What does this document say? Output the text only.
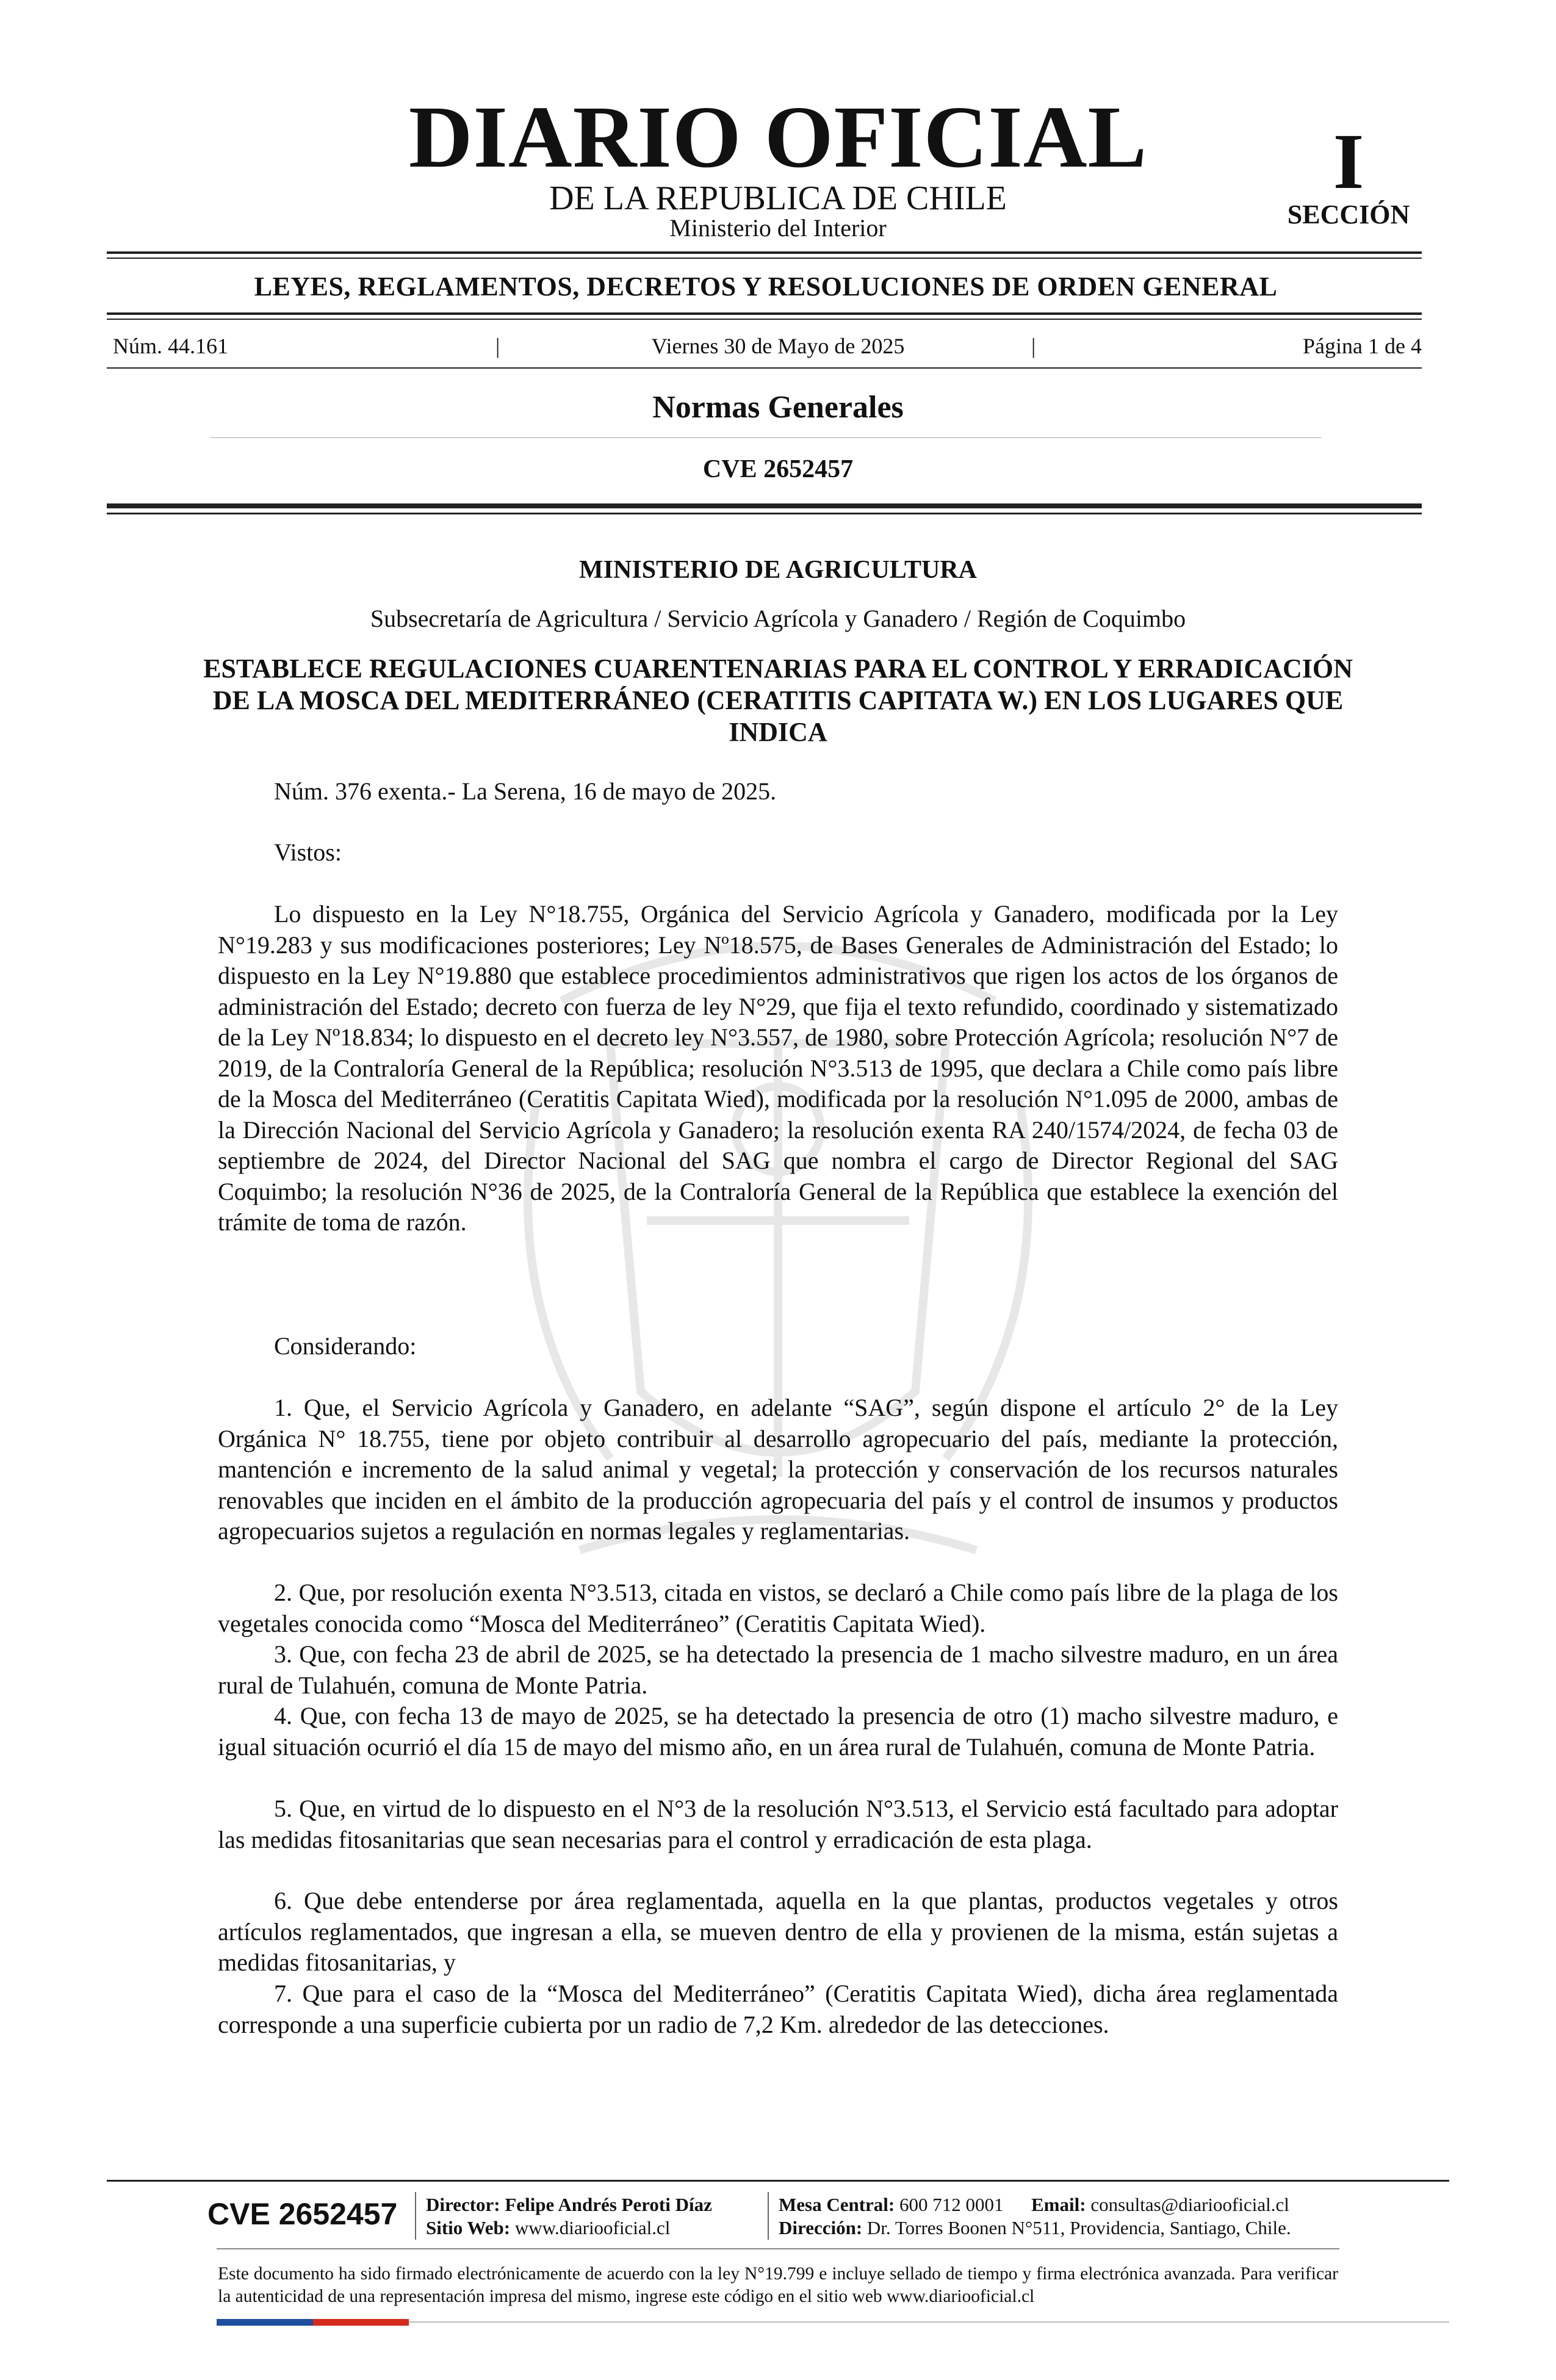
DIARIO OFICIAL
DE LA REPUBLICA DE CHILE
Ministerio del Interior
I
SECCIÓN
LEYES, REGLAMENTOS, DECRETOS Y RESOLUCIONES DE ORDEN GENERAL
Núm. 44.161	|	Viernes 30 de Mayo de 2025	|	Página 1 de 4
Normas Generales
CVE 2652457
MINISTERIO DE AGRICULTURA
Subsecretaría de Agricultura / Servicio Agrícola y Ganadero / Región de Coquimbo
ESTABLECE REGULACIONES CUARENTENARIAS PARA EL CONTROL Y ERRADICACIÓN DE LA MOSCA DEL MEDITERRÁNEO (CERATITIS CAPITATA W.) EN LOS LUGARES QUE INDICA
Núm. 376 exenta.- La Serena, 16 de mayo de 2025.
Vistos:
Lo dispuesto en la Ley N°18.755, Orgánica del Servicio Agrícola y Ganadero, modificada por la Ley N°19.283 y sus modificaciones posteriores; Ley Nº18.575, de Bases Generales de Administración del Estado; lo dispuesto en la Ley N°19.880 que establece procedimientos administrativos que rigen los actos de los órganos de administración del Estado; decreto con fuerza de ley N°29, que fija el texto refundido, coordinado y sistematizado de la Ley Nº18.834; lo dispuesto en el decreto ley N°3.557, de 1980, sobre Protección Agrícola; resolución N°7 de 2019, de la Contraloría General de la República; resolución N°3.513 de 1995, que declara a Chile como país libre de la Mosca del Mediterráneo (Ceratitis Capitata Wied), modificada por la resolución N°1.095 de 2000, ambas de la Dirección Nacional del Servicio Agrícola y Ganadero; la resolución exenta RA 240/1574/2024, de fecha 03 de septiembre de 2024, del Director Nacional del SAG que nombra el cargo de Director Regional del SAG Coquimbo; la resolución N°36 de 2025, de la Contraloría General de la República que establece la exención del trámite de toma de razón.
Considerando:
1. Que, el Servicio Agrícola y Ganadero, en adelante “SAG”, según dispone el artículo 2° de la Ley Orgánica N° 18.755, tiene por objeto contribuir al desarrollo agropecuario del país, mediante la protección, mantención e incremento de la salud animal y vegetal; la protección y conservación de los recursos naturales renovables que inciden en el ámbito de la producción agropecuaria del país y el control de insumos y productos agropecuarios sujetos a regulación en normas legales y reglamentarias.
2. Que, por resolución exenta N°3.513, citada en vistos, se declaró a Chile como país libre de la plaga de los vegetales conocida como “Mosca del Mediterráneo” (Ceratitis Capitata Wied).
3. Que, con fecha 23 de abril de 2025, se ha detectado la presencia de 1 macho silvestre maduro, en un área rural de Tulahuén, comuna de Monte Patria.
4. Que, con fecha 13 de mayo de 2025, se ha detectado la presencia de otro (1) macho silvestre maduro, e igual situación ocurrió el día 15 de mayo del mismo año, en un área rural de Tulahuén, comuna de Monte Patria.
5. Que, en virtud de lo dispuesto en el N°3 de la resolución N°3.513, el Servicio está facultado para adoptar las medidas fitosanitarias que sean necesarias para el control y erradicación de esta plaga.
6. Que debe entenderse por área reglamentada, aquella en la que plantas, productos vegetales y otros artículos reglamentados, que ingresan a ella, se mueven dentro de ella y provienen de la misma, están sujetas a medidas fitosanitarias, y
7. Que para el caso de la “Mosca del Mediterráneo” (Ceratitis Capitata Wied), dicha área reglamentada corresponde a una superficie cubierta por un radio de 7,2 Km. alrededor de las detecciones.
CVE 2652457 Director: Felipe Andrés Peroti Díaz
Sitio Web: www.diariooficial.cl
Mesa Central: 600 712 0001 Email: consultas@diariooficial.cl
Dirección: Dr. Torres Boonen N°511, Providencia, Santiago, Chile.
Este documento ha sido firmado electrónicamente de acuerdo con la ley N°19.799 e incluye sellado de tiempo y firma electrónica avanzada. Para verificar la autenticidad de una representación impresa del mismo, ingrese este código en el sitio web www.diariooficial.cl
